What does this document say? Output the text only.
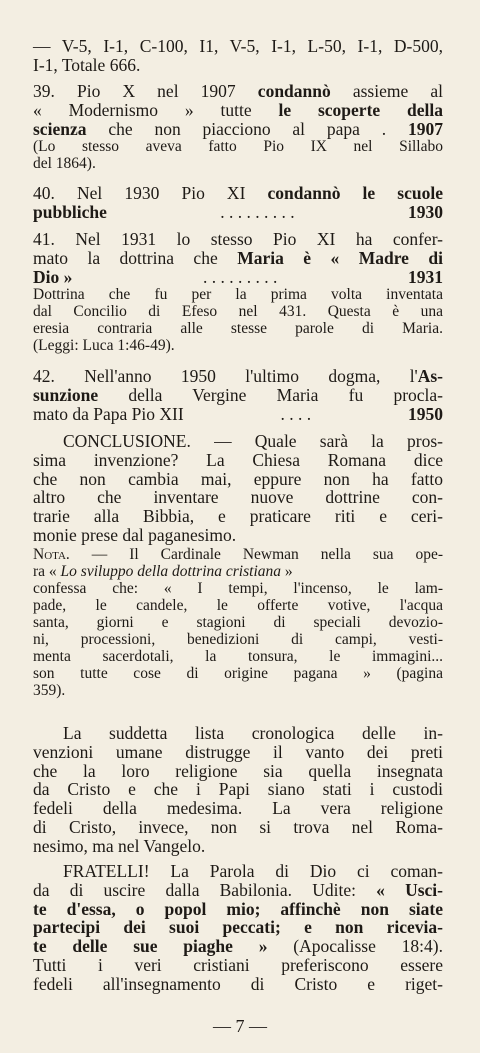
— V-5, I-1, C-100, I1, V-5, I-1, L-50, I-1, D-500,
I-1, Totale 666.
39. Pio X nel 1907 condannò assieme al
« Modernismo » tutte le scoperte della
scienza che non piacciono al papa . 1907
(Lo stesso aveva fatto Pio IX nel Sillabo
del 1864).
40. Nel 1930 Pio XI condannò le scuole
pubbliche	. . . . . . . . .	1930
41. Nel 1931 lo stesso Pio XI ha confer-
mato la dottrina che Maria è « Madre di
Dio »	. . . . . . . . .	1931
Dottrina che fu per la prima volta inventata
dal Concilio di Efeso nel 431. Questa è una
eresia contraria alle stesse parole di Maria.
(Leggi: Luca 1:46-49).
42. Nell'anno 1950 l'ultimo dogma, l'As-
sunzione della Vergine Maria fu procla-
mato da Papa Pio XII	. . . .	1950
CONCLUSIONE. — Quale sarà la pros-
sima invenzione? La Chiesa Romana dice
che non cambia mai, eppure non ha fatto
altro che inventare nuove dottrine con-
trarie alla Bibbia, e praticare riti e ceri-
monie prese dal paganesimo.
Nota. — Il Cardinale Newman nella sua ope-
ra « Lo sviluppo della dottrina cristiana »
confessa che: « I tempi, l'incenso, le lam-
pade, le candele, le offerte votive, l'acqua
santa, giorni e stagioni di speciali devozio-
ni, processioni, benedizioni di campi, vesti-
menta sacerdotali, la tonsura, le immagini...
son tutte cose di origine pagana » (pagina
359).
La suddetta lista cronologica delle in-
venzioni umane distrugge il vanto dei preti
che la loro religione sia quella insegnata
da Cristo e che i Papi siano stati i custodi
fedeli della medesima. La vera religione
di Cristo, invece, non si trova nel Roma-
nesimo, ma nel Vangelo.
FRATELLI! La Parola di Dio ci coman-
da di uscire dalla Babilonia. Udite: « Usci-
te d'essa, o popol mio; affinchè non siate
partecipi dei suoi peccati; e non ricevia-
te delle sue piaghe » (Apocalisse 18:4).
Tutti i veri cristiani preferiscono essere
fedeli all'insegnamento di Cristo e riget-
— 7 —
